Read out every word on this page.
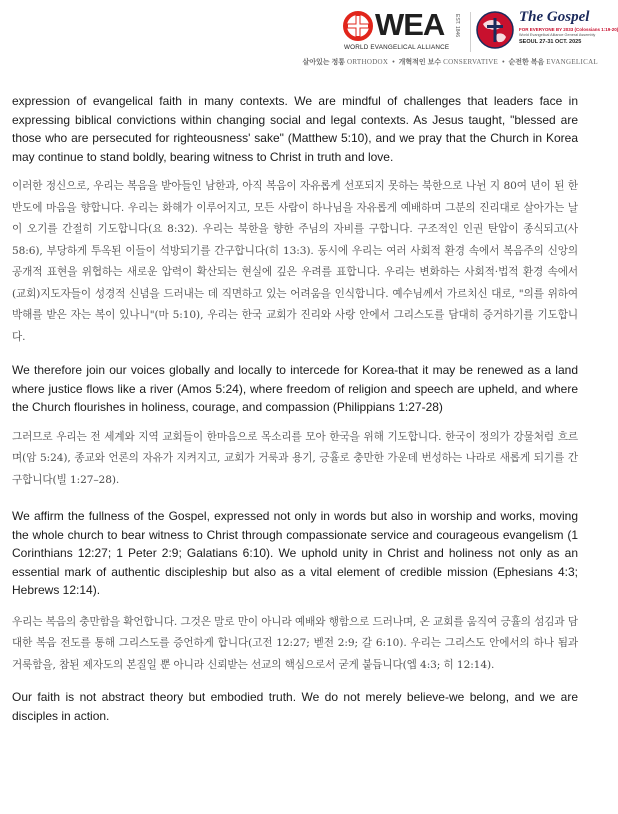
WEA EST. 1846
WORLD EVANGELICAL ALLIANCE
The Gospel
FOR EVERYONE BY 2033 (Colossians 1:19-20)
World Evangelical Alliance General Assembly
SEOUL 27-31 OCT. 2025
살아있는 정통 ORTHODOX • 개혁적인 보수 CONSERVATIVE • 순전한 복음 EVANGELICAL

expression of evangelical faith in many contexts. We are mindful of challenges that leaders face in expressing biblical convictions within changing social and legal contexts. As Jesus taught, "blessed are those who are persecuted for righteousness' sake" (Matthew 5:10), and we pray that the Church in Korea may continue to stand boldly, bearing witness to Christ in truth and love.

이러한 정신으로, 우리는 복음을 받아들인 남한과, 아직 복음이 자유롭게 선포되지 못하는 북한으로 나뉜 지 80여 년이 된 한반도에 마음을 향합니다. 우리는 화해가 이루어지고, 모든 사람이 하나님을 자유롭게 예배하며 그분의 진리대로 살아가는 날이 오기를 간절히 기도합니다(요 8:32). 우리는 북한을 향한 주님의 자비를 구합니다. 구조적인 인권 탄압이 종식되고(사 58:6), 부당하게 투옥된 이들이 석방되기를 간구합니다(히 13:3). 동시에 우리는 여러 사회적 환경 속에서 복음주의 신앙의 공개적 표현을 위협하는 새로운 압력이 확산되는 현실에 깊은 우려를 표합니다. 우리는 변화하는 사회적·법적 환경 속에서 (교회)지도자들이 성경적 신념을 드러내는 데 직면하고 있는 어려움을 인식합니다. 예수님께서 가르치신 대로, "의를 위하여 박해를 받은 자는 복이 있나니"(마 5:10), 우리는 한국 교회가 진리와 사랑 안에서 그리스도를 담대히 증거하기를 기도합니다.

We therefore join our voices globally and locally to intercede for Korea-that it may be renewed as a land where justice flows like a river (Amos 5:24), where freedom of religion and speech are upheld, and where the Church flourishes in holiness, courage, and compassion (Philippians 1:27-28)

그러므로 우리는 전 세계와 지역 교회들이 한마음으로 목소리를 모아 한국을 위해 기도합니다. 한국이 정의가 강물처럼 흐르며(암 5:24), 종교와 언론의 자유가 지켜지고, 교회가 거룩과 용기, 긍휼로 충만한 가운데 번성하는 나라로 새롭게 되기를 간구합니다(빌 1:27–28).

We affirm the fullness of the Gospel, expressed not only in words but also in worship and works, moving the whole church to bear witness to Christ through compassionate service and courageous evangelism (1 Corinthians 12:27; 1 Peter 2:9; Galatians 6:10). We uphold unity in Christ and holiness not only as an essential mark of authentic discipleship but also as a vital element of credible mission (Ephesians 4:3; Hebrews 12:14).

우리는 복음의 충만함을 확언합니다. 그것은 말로 만이 아니라 예배와 행함으로 드러나며, 온 교회를 움직여 긍휼의 섬김과 담대한 복음 전도를 통해 그리스도를 증언하게 합니다(고전 12:27; 벧전 2:9; 갈 6:10). 우리는 그리스도 안에서의 하나 됨과 거룩함을, 참된 제자도의 본질일 뿐 아니라 신뢰받는 선교의 핵심으로서 굳게 붙듭니다(엡 4:3; 히 12:14).

Our faith is not abstract theory but embodied truth. We do not merely believe-we belong, and we are disciples in action.
